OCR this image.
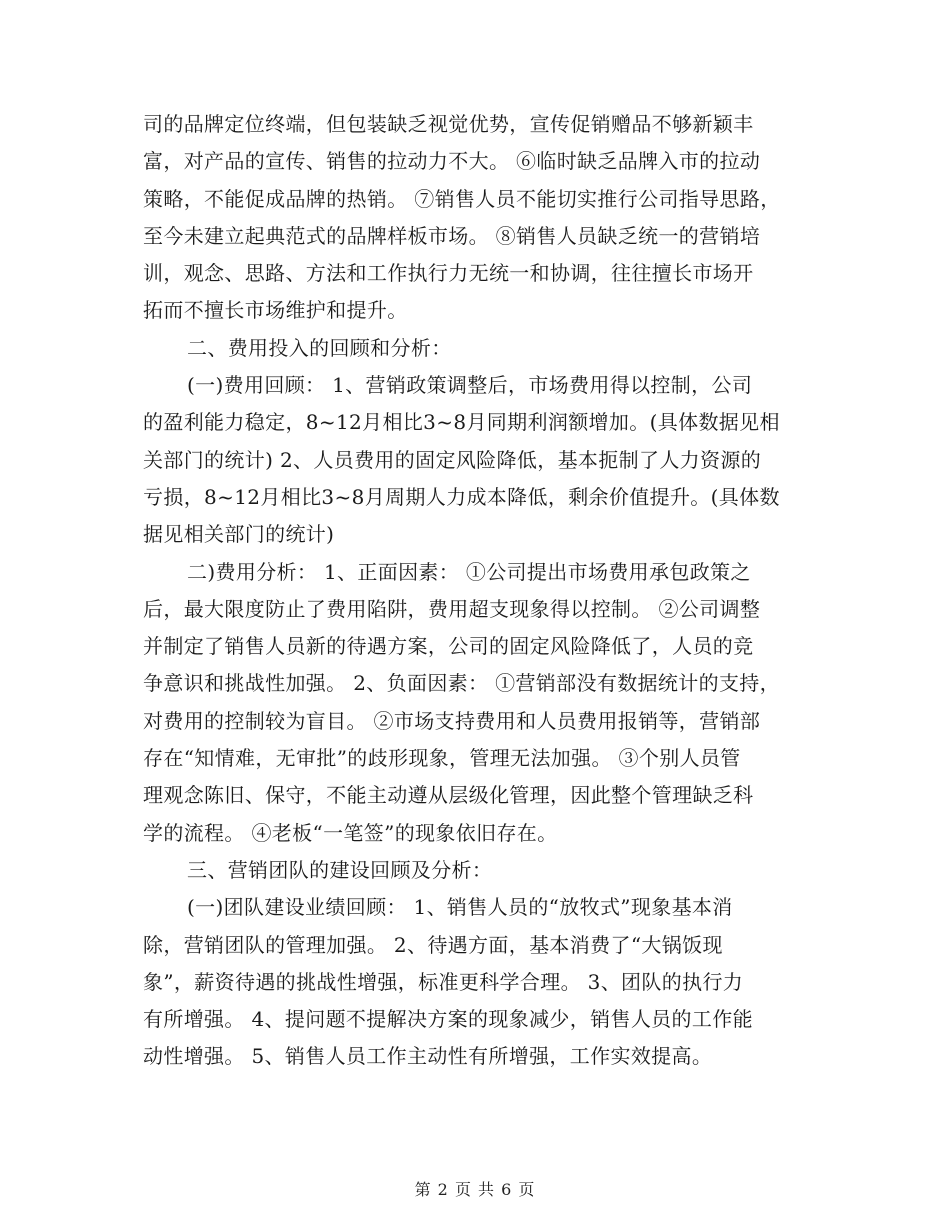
司的品牌定位终端，但包装缺乏视觉优势，宣传促销赠品不够新颖丰
富，对产品的宣传、销售的拉动力不大。 ⑥临时缺乏品牌入市的拉动
策略，不能促成品牌的热销。 ⑦销售人员不能切实推行公司指导思路，
至今未建立起典范式的品牌样板市场。 ⑧销售人员缺乏统一的营销培
训，观念、思路、方法和工作执行力无统一和协调，往往擅长市场开
拓而不擅长市场维护和提升。
二、费用投入的回顾和分析：
(一)费用回顾： 1、营销政策调整后，市场费用得以控制，公司
的盈利能力稳定，8~12月相比3~8月同期利润额增加。(具体数据见相
关部门的统计) 2、人员费用的固定风险降低，基本扼制了人力资源的
亏损，8~12月相比3~8月周期人力成本降低，剩余价值提升。(具体数
据见相关部门的统计)
二)费用分析： 1、正面因素： ①公司提出市场费用承包政策之
后，最大限度防止了费用陷阱，费用超支现象得以控制。 ②公司调整
并制定了销售人员新的待遇方案，公司的固定风险降低了，人员的竞
争意识和挑战性加强。 2、负面因素： ①营销部没有数据统计的支持，
对费用的控制较为盲目。 ②市场支持费用和人员费用报销等，营销部
存在“知情难，无审批”的歧形现象，管理无法加强。 ③个别人员管
理观念陈旧、保守，不能主动遵从层级化管理，因此整个管理缺乏科
学的流程。 ④老板“一笔签”的现象依旧存在。
三、营销团队的建设回顾及分析：
(一)团队建设业绩回顾： 1、销售人员的“放牧式”现象基本消
除，营销团队的管理加强。 2、待遇方面，基本消费了“大锅饭现
象”，薪资待遇的挑战性增强，标准更科学合理。 3、团队的执行力
有所增强。 4、提问题不提解决方案的现象减少，销售人员的工作能
动性增强。 5、销售人员工作主动性有所增强，工作实效提高。
第 2 页 共 6 页
